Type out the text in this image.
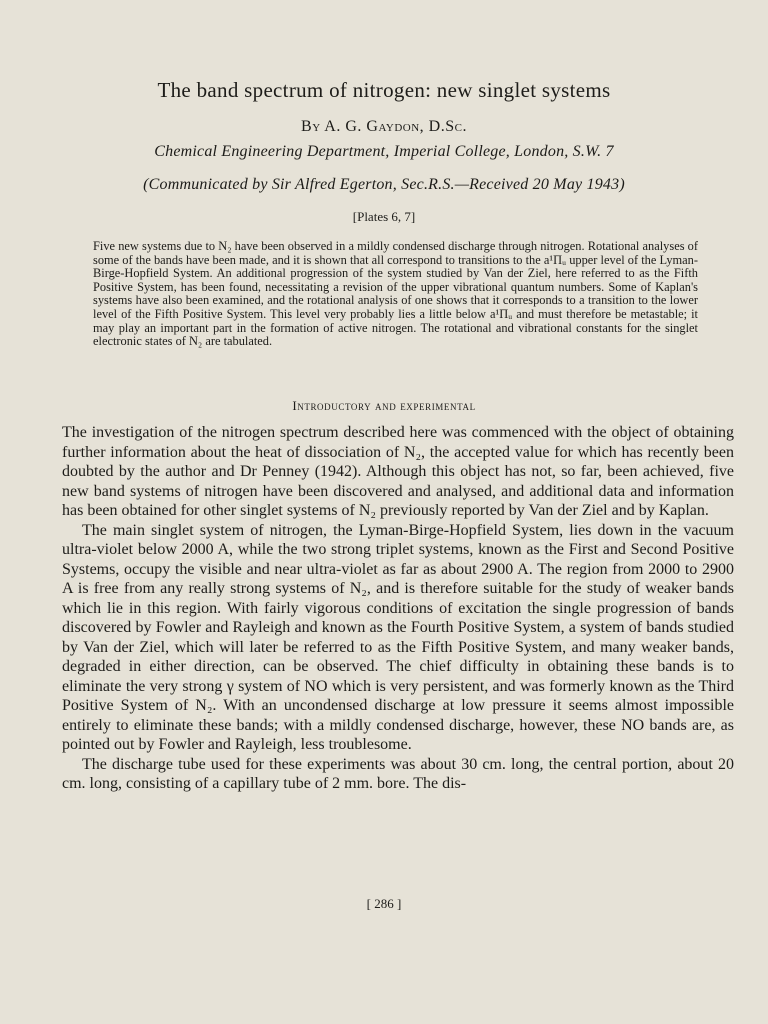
The band spectrum of nitrogen: new singlet systems
By A. G. Gaydon, D.Sc.
Chemical Engineering Department, Imperial College, London, S.W. 7
(Communicated by Sir Alfred Egerton, Sec.R.S.—Received 20 May 1943)
[Plates 6, 7]

Five new systems due to N₂ have been observed in a mildly condensed discharge through nitrogen. Rotational analyses of some of the bands have been made, and it is shown that all correspond to transitions to the a¹Πᵤ upper level of the Lyman-Birge-Hopfield System. An additional progression of the system studied by Van der Ziel, here referred to as the Fifth Positive System, has been found, necessitating a revision of the upper vibrational quantum numbers. Some of Kaplan's systems have also been examined, and the rotational analysis of one shows that it corresponds to a transition to the lower level of the Fifth Positive System. This level very probably lies a little below a¹Πᵤ and must therefore be metastable; it may play an important part in the formation of active nitrogen. The rotational and vibrational constants for the singlet electronic states of N₂ are tabulated.

Introductory and experimental

The investigation of the nitrogen spectrum described here was commenced with the object of obtaining further information about the heat of dissociation of N₂, the accepted value for which has recently been doubted by the author and Dr Penney (1942). Although this object has not, so far, been achieved, five new band systems of nitrogen have been discovered and analysed, and additional data and information has been obtained for other singlet systems of N₂ previously reported by Van der Ziel and by Kaplan.

The main singlet system of nitrogen, the Lyman-Birge-Hopfield System, lies down in the vacuum ultra-violet below 2000 A, while the two strong triplet systems, known as the First and Second Positive Systems, occupy the visible and near ultra-violet as far as about 2900 A. The region from 2000 to 2900 A is free from any really strong systems of N₂, and is therefore suitable for the study of weaker bands which lie in this region. With fairly vigorous conditions of excitation the single progression of bands discovered by Fowler and Rayleigh and known as the Fourth Positive System, a system of bands studied by Van der Ziel, which will later be referred to as the Fifth Positive System, and many weaker bands, degraded in either direction, can be observed. The chief difficulty in obtaining these bands is to eliminate the very strong γ system of NO which is very persistent, and was formerly known as the Third Positive System of N₂. With an uncondensed discharge at low pressure it seems almost impossible entirely to eliminate these bands; with a mildly condensed discharge, however, these NO bands are, as pointed out by Fowler and Rayleigh, less troublesome.

The discharge tube used for these experiments was about 30 cm. long, the central portion, about 20 cm. long, consisting of a capillary tube of 2 mm. bore. The dis-

[ 286 ]
